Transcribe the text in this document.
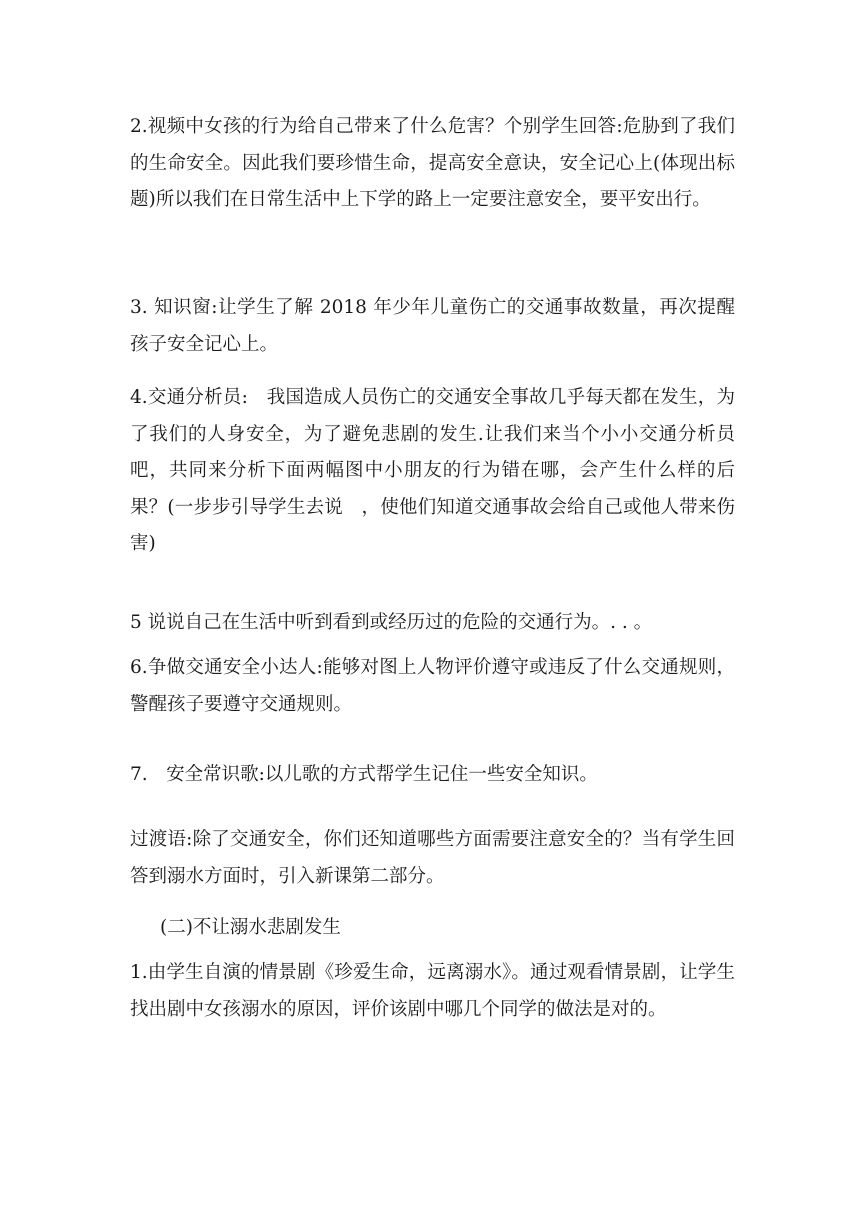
2.视频中女孩的行为给自己带来了什么危害？个别学生回答:危胁到了我们的生命安全。因此我们要珍惜生命，提高安全意诀，安全记心上(体现出标题)所以我们在日常生活中上下学的路上一定要注意安全，要平安出行。

3. 知识窗:让学生了解 2018 年少年儿童伤亡的交通事故数量，再次提醒孩子安全记心上。

4.交通分析员:　我国造成人员伤亡的交通安全事故几乎每天都在发生，为了我们的人身安全，为了避免悲剧的发生.让我们来当个小小交通分析员吧，共同来分析下面两幅图中小朋友的行为错在哪，会产生什么样的后果？(一步步引导学生去说　，使他们知道交通事故会给自己或他人带来伤害)

5 说说自己在生活中听到看到或经历过的危险的交通行为。. . 。

6.争做交通安全小达人:能够对图上人物评价遵守或违反了什么交通规则，警醒孩子要遵守交通规则。

7.　安全常识歌:以儿歌的方式帮学生记住一些安全知识。

过渡语:除了交通安全，你们还知道哪些方面需要注意安全的？当有学生回答到溺水方面时，引入新课第二部分。

(二)不让溺水悲剧发生

1.由学生自演的情景剧《珍爱生命，远离溺水》。通过观看情景剧，让学生找出剧中女孩溺水的原因，评价该剧中哪几个同学的做法是对的。
